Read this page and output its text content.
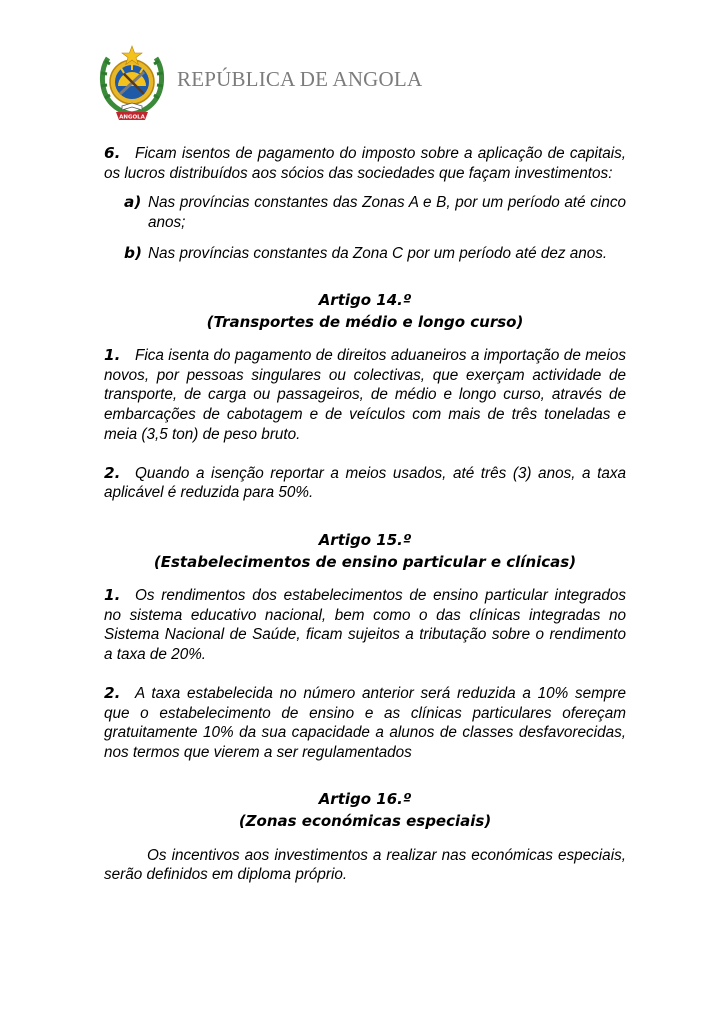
ANGOLA
REPÚBLICA DE ANGOLA

6. Ficam isentos de pagamento do imposto sobre a aplicação de capitais, os lucros distribuídos aos sócios das sociedades que façam investimentos:

a) Nas províncias constantes das Zonas A e B, por um período até cinco anos;

b) Nas províncias constantes da Zona C por um período até dez anos.

Artigo 14.º

(Transportes de médio e longo curso)

1. Fica isenta do pagamento de direitos aduaneiros a importação de meios novos, por pessoas singulares ou colectivas, que exerçam actividade de transporte, de carga ou passageiros, de médio e longo curso, através de embarcações de cabotagem e de veículos com mais de três toneladas e meia (3,5 ton) de peso bruto.

2. Quando a isenção reportar a meios usados, até três (3) anos, a taxa aplicável é reduzida para 50%.

Artigo 15.º

(Estabelecimentos de ensino particular e clínicas)

1. Os rendimentos dos estabelecimentos de ensino particular integrados no sistema educativo nacional, bem como o das clínicas integradas no Sistema Nacional de Saúde, ficam sujeitos a tributação sobre o rendimento a taxa de 20%.

2. A taxa estabelecida no número anterior será reduzida a 10% sempre que o estabelecimento de ensino e as clínicas particulares ofereçam gratuitamente 10% da sua capacidade a alunos de classes desfavorecidas, nos termos que vierem a ser regulamentados

Artigo 16.º

(Zonas económicas especiais)

Os incentivos aos investimentos a realizar nas económicas especiais, serão definidos em diploma próprio.
